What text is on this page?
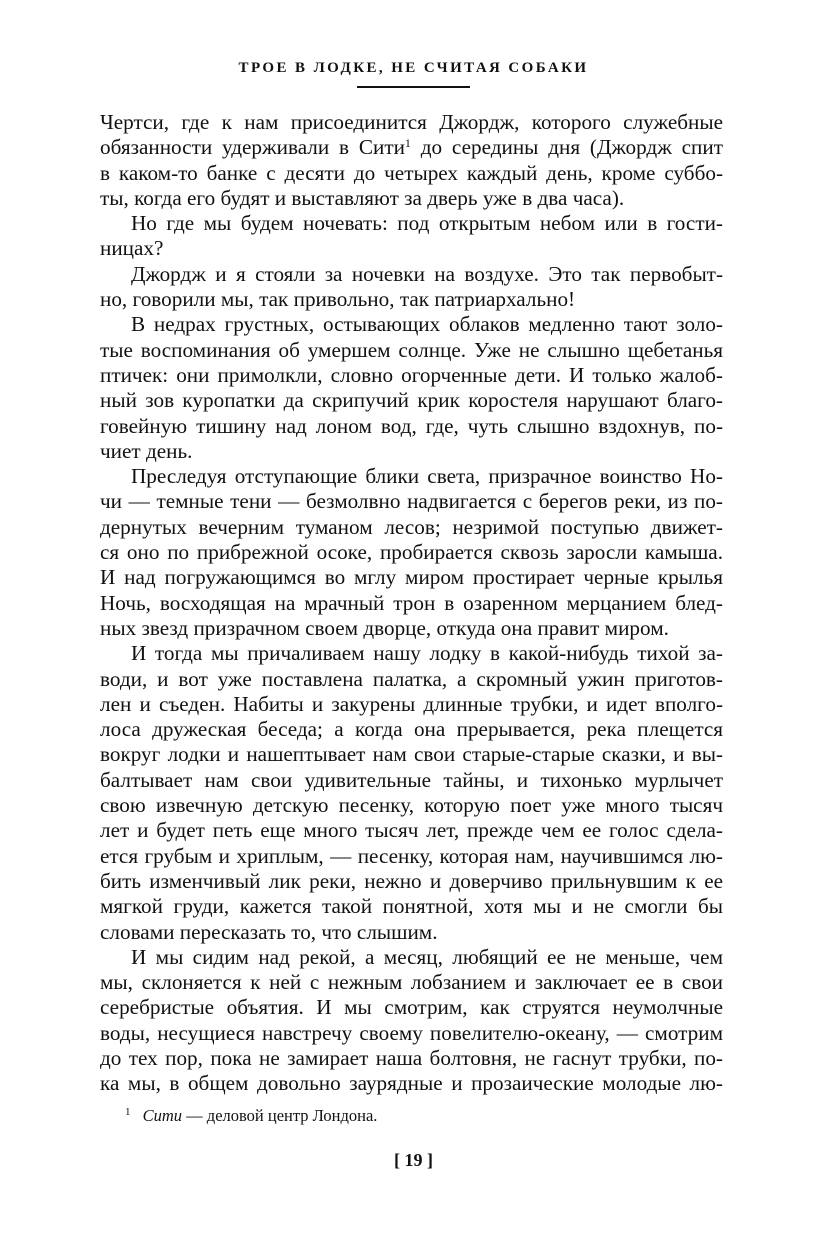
ТРОЕ В ЛОДКЕ, НЕ СЧИТАЯ СОБАКИ

Чертси, где к нам присоединится Джордж, которого служебные
обязанности удерживали в Сити$^1$ до середины дня (Джордж спит
в каком-то банке с десяти до четырех каждый день, кроме суббо-
ты, когда его будят и выставляют за дверь уже в два часа).

Но где мы будем ночевать: под открытым небом или в гости-
ницах?

Джордж и я стояли за ночевки на воздухе. Это так первобыт-
но, говорили мы, так привольно, так патриархально!

В недрах грустных, остывающих облаков медленно тают золо-
тые воспоминания об умершем солнце. Уже не слышно щебетанья
птичек: они примолкли, словно огорченные дети. И только жалоб-
ный зов куропатки да скрипучий крик коростеля нарушают благо-
говейную тишину над лоном вод, где, чуть слышно вздохнув, по-
чиет день.

Преследуя отступающие блики света, призрачное воинство Но-
чи — темные тени — безмолвно надвигается с берегов реки, из по-
дернутых вечерним туманом лесов; незримой поступью движет-
ся оно по прибрежной осоке, пробирается сквозь заросли камыша.
И над погружающимся во мглу миром простирает черные крылья
Ночь, восходящая на мрачный трон в озаренном мерцанием блед-
ных звезд призрачном своем дворце, откуда она правит миром.

И тогда мы причаливаем нашу лодку в какой-нибудь тихой за-
води, и вот уже поставлена палатка, а скромный ужин приготов-
лен и съеден. Набиты и закурены длинные трубки, и идет вполго-
лоса дружеская беседа; а когда она прерывается, река плещется
вокруг лодки и нашептывает нам свои старые-старые сказки, и вы-
балтывает нам свои удивительные тайны, и тихонько мурлычет
свою извечную детскую песенку, которую поет уже много тысяч
лет и будет петь еще много тысяч лет, прежде чем ее голос сдела-
ется грубым и хриплым, — песенку, которая нам, научившимся лю-
бить изменчивый лик реки, нежно и доверчиво прильнувшим к ее
мягкой груди, кажется такой понятной, хотя мы и не смогли бы
словами пересказать то, что слышим.

И мы сидим над рекой, а месяц, любящий ее не меньше, чем
мы, склоняется к ней с нежным лобзанием и заключает ее в свои
серебристые объятия. И мы смотрим, как струятся неумолчные
воды, несущиеся навстречу своему повелителю-океану, — смотрим
до тех пор, пока не замирает наша болтовня, не гаснут трубки, по-
ка мы, в общем довольно заурядные и прозаические молодые лю-

$^1$ Сити — деловой центр Лондона.
[ 19 ]
